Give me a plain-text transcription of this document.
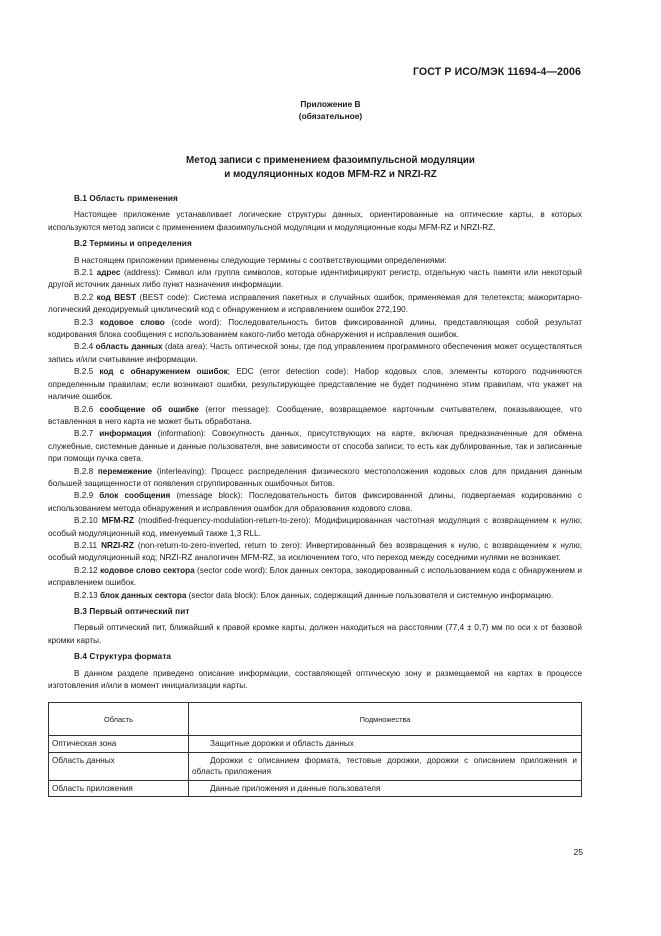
ГОСТ Р ИСО/МЭК 11694-4—2006
Приложение В
(обязательное)
Метод записи с применением фазоимпульсной модуляции
и модуляционных кодов MFM-RZ и NRZI-RZ
В.1 Область применения

Настоящее приложение устанавливает логические структуры данных, ориентированные на оптические карты, в которых используются метод записи с применением фазоимпульсной модуляции и модуляционные коды MFM-RZ и NRZI-RZ.

В.2 Термины и определения

В настоящем приложении применены следующие термины с соответствующими определениями:

В.2.1 адрес (address): Символ или группа символов, которые идентифицируют регистр, отдельную часть памяти или некоторый другой источник данных либо пункт назначения информации.

В.2.2 код BEST (BEST code): Система исправления пакетных и случайных ошибок, применяемая для телетекста; мажоритарно-логический декодируемый циклический код с обнаружением и исправлением ошибок 272,190.

В.2.3 кодовое слово (code word): Последовательность битов фиксированной длины, представляющая собой результат кодирования блока сообщения с использованием какого-либо метода обнаружения и исправления ошибок.

В.2.4 область данных (data area): Часть оптической зоны, где под управлением программного обеспечения может осуществляться запись и/или считывание информации.

В.2.5 код с обнаружением ошибок; EDC (error detection code): Набор кодовых слов, элементы которого подчиняются определенным правилам; если возникают ошибки, результирующее представление не будет подчинено этим правилам, что укажет на наличие ошибок.

В.2.6 сообщение об ошибке (error message): Сообщение, возвращаемое карточным считывателем, показывающее, что вставленная в него карта не может быть обработана.

В.2.7 информация (information): Совокупность данных, присутствующих на карте, включая предназначенные для обмена служебные, системные данные и данные пользователя, вне зависимости от способа записи; то есть как дублированные, так и записанные при помощи пучка света.

В.2.8 перемежение (interleaving): Процесс распределения физического местоположения кодовых слов для придания данным большей защищенности от появления сгруппированных ошибочных битов.

В.2.9 блок сообщения (message block): Последовательность битов фиксированной длины, подвергаемая кодированию с использованием метода обнаружения и исправления ошибок для образования кодового слова.

В.2.10 MFM-RZ (modified-frequency-modulation-return-to-zero): Модифицированная частотная модуляция с возвращением к нулю; особый модуляционный код, именуемый также 1,3 RLL.

В.2.11 NRZI-RZ (non-return-to-zero-inverted, return to zero): Инвертированный без возвращения к нулю, с возвращением к нулю; особый модуляционный код; NRZI-RZ аналогичен MFM-RZ, за исключением того, что переход между соседними нулями не возникает.

В.2.12 кодовое слово сектора (sector code word): Блок данных сектора, закодированный с использованием кода с обнаружением и исправлением ошибок.

В.2.13 блок данных сектора (sector data block): Блок данных, содержащий данные пользователя и системную информацию.

В.3 Первый оптический пит

Первый оптический пит, ближайший к правой кромке карты, должен находиться на расстоянии (77,4 ± 0,7) мм по оси x от базовой кромки карты.

В.4 Структура формата

В данном разделе приведено описание информации, составляющей оптическую зону и размещаемой на картах в процессе изготовления и/или в момент инициализации карты.

Область	Подмножества
Оптическая зона	Защитные дорожки и область данных
Область данных	Дорожки с описанием формата, тестовые дорожки, дорожки с описанием приложения и область приложения
Область приложения	Данные приложения и данные пользователя
25
